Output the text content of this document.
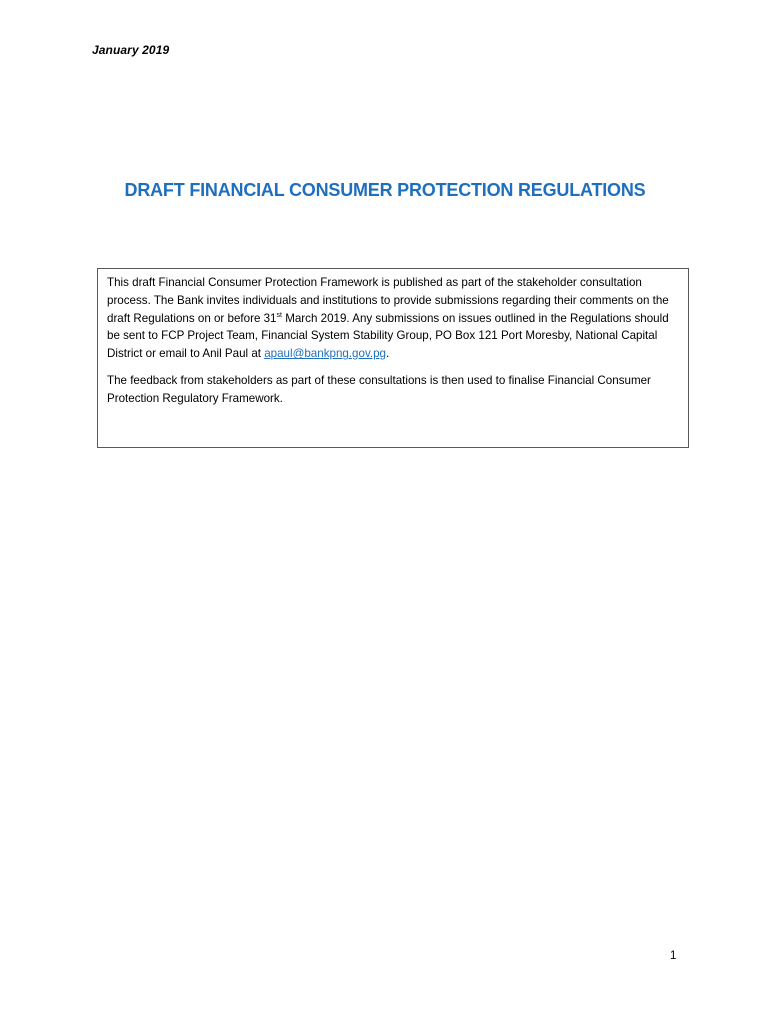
January 2019
DRAFT FINANCIAL CONSUMER PROTECTION REGULATIONS

This draft Financial Consumer Protection Framework is published as part of the stakeholder consultation process. The Bank invites individuals and institutions to provide submissions regarding their comments on the draft Regulations on or before 31st March 2019. Any submissions on issues outlined in the Regulations should be sent to FCP Project Team, Financial System Stability Group, PO Box 121 Port Moresby, National Capital District or email to Anil Paul at apaul@bankpng.gov.pg.

The feedback from stakeholders as part of these consultations is then used to finalise Financial Consumer Protection Regulatory Framework.

1
